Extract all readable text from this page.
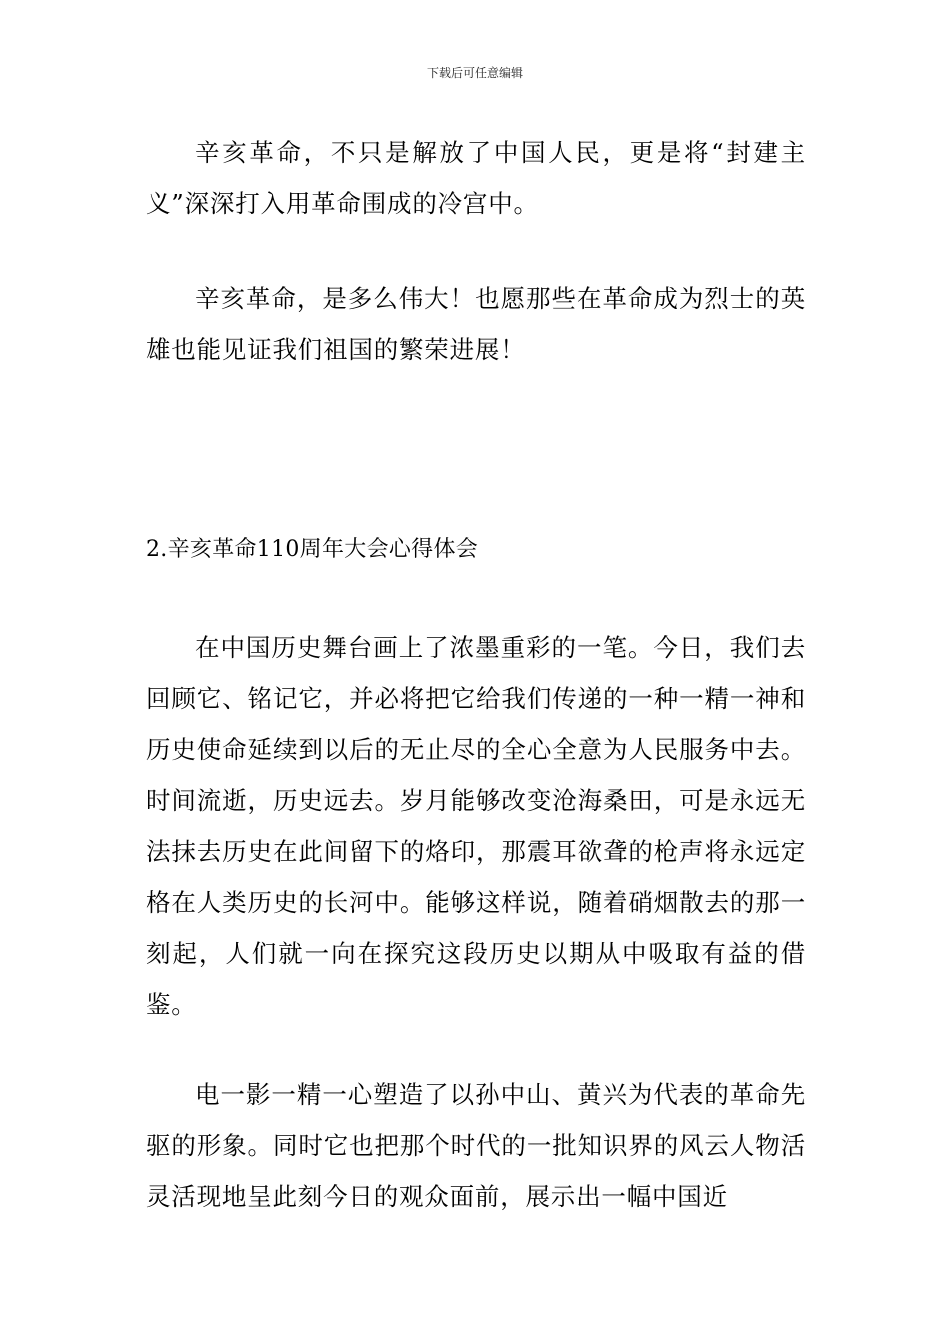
下载后可任意编辑

辛亥革命，不只是解放了中国人民，更是将“封建主义”深深打入用革命围成的冷宫中。

辛亥革命，是多么伟大！也愿那些在革命成为烈士的英雄也能见证我们祖国的繁荣进展！

2.辛亥革命110周年大会心得体会

在中国历史舞台画上了浓墨重彩的一笔。今日，我们去回顾它、铭记它，并必将把它给我们传递的一种一精一神和历史使命延续到以后的无止尽的全心全意为人民服务中去。时间流逝，历史远去。岁月能够改变沧海桑田，可是永远无法抹去历史在此间留下的烙印，那震耳欲聋的枪声将永远定格在人类历史的长河中。能够这样说，随着硝烟散去的那一刻起，人们就一向在探究这段历史以期从中吸取有益的借鉴。

电一影一精一心塑造了以孙中山、黄兴为代表的革命先驱的形象。同时它也把那个时代的一批知识界的风云人物活灵活现地呈此刻今日的观众面前，展示出一幅中国近
